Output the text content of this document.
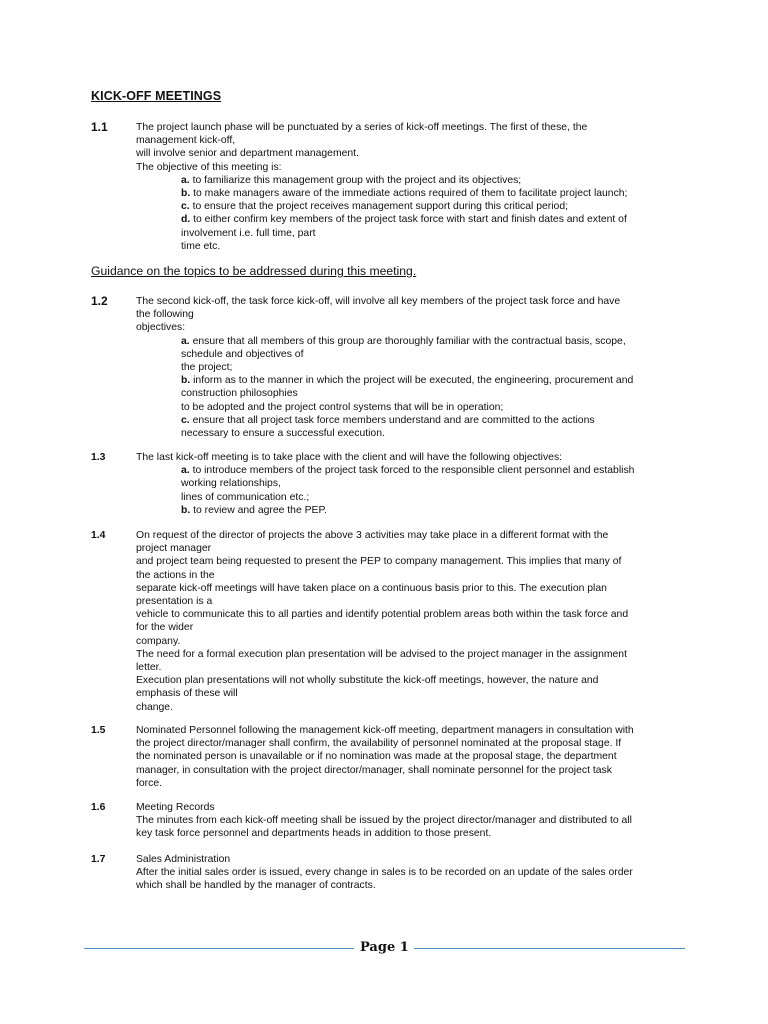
KICK-OFF MEETINGS
1.1	The project launch phase will be punctuated by a series of kick-off meetings. The first of these, the
management kick-off,
will involve senior and department management.
The objective of this meeting is:
a. to familiarize this management group with the project and its objectives;
b. to make managers aware of the immediate actions required of them to facilitate project launch;
c. to ensure that the project receives management support during this critical period;
d. to either confirm key members of the project task force with start and finish dates and extent of
involvement i.e. full time, part
time etc.
Guidance on the topics to be addressed during this meeting.
1.2	The second kick-off, the task force kick-off, will involve all key members of the project task force and have
the following
objectives:
a. ensure that all members of this group are thoroughly familiar with the contractual basis, scope,
schedule and objectives of
the project;
b. inform as to the manner in which the project will be executed, the engineering, procurement and
construction philosophies
to be adopted and the project control systems that will be in operation;
c. ensure that all project task force members understand and are committed to the actions
necessary to ensure a successful execution.
1.3	The last kick-off meeting is to take place with the client and will have the following objectives:
a. to introduce members of the project task forced to the responsible client personnel and establish
working relationships,
lines of communication etc.;
b. to review and agree the PEP.
1.4	On request of the director of projects the above 3 activities may take place in a different format with the
project manager
and project team being requested to present the PEP to company management. This implies that many of
the actions in the
separate kick-off meetings will have taken place on a continuous basis prior to this. The execution plan
presentation is a
vehicle to communicate this to all parties and identify potential problem areas both within the task force and
for the wider
company.
The need for a formal execution plan presentation will be advised to the project manager in the assignment
letter.
Execution plan presentations will not wholly substitute the kick-off meetings, however, the nature and
emphasis of these will
change.
1.5	Nominated Personnel following the management kick-off meeting, department managers in consultation with
the project director/manager shall confirm, the availability of personnel nominated at the proposal stage. If
the nominated person is unavailable or if no nomination was made at the proposal stage, the department
manager, in consultation with the project director/manager, shall nominate personnel for the project task
force.
1.6	Meeting Records
The minutes from each kick-off meeting shall be issued by the project director/manager and distributed to all
key task force personnel and departments heads in addition to those present.
1.7	Sales Administration
After the initial sales order is issued, every change in sales is to be recorded on an update of the sales order
which shall be handled by the manager of contracts.
Page 1
